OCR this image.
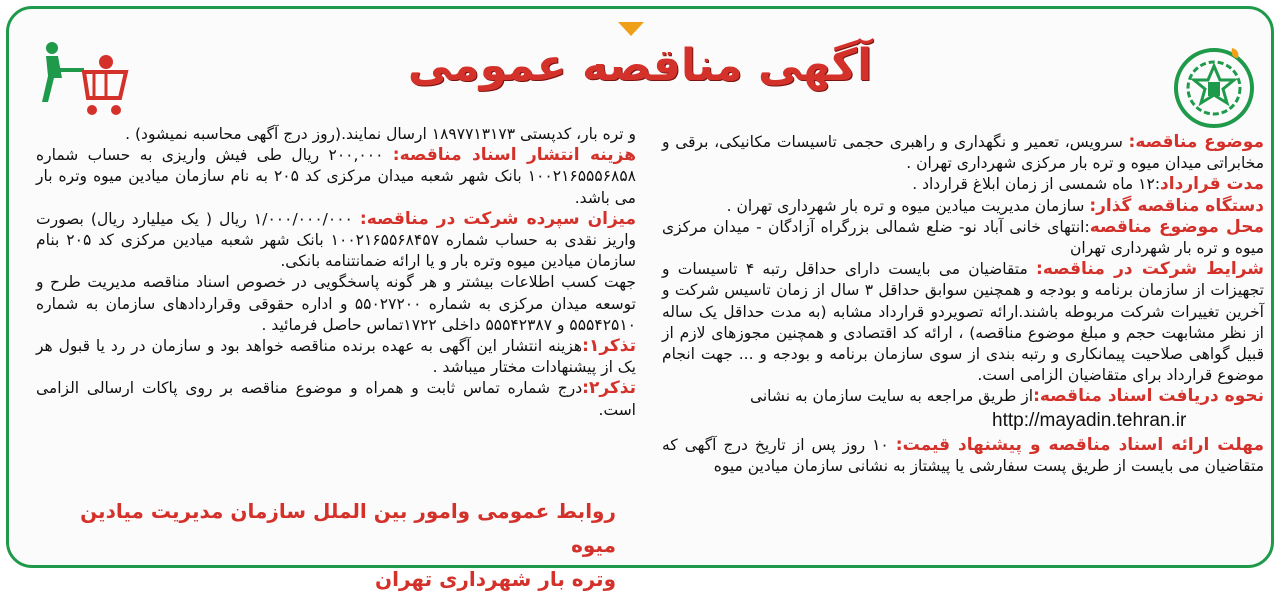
آگهی مناقصه عمومی
موضوع مناقصه: سرویس، تعمیر و نگهداری و راهبری حجمی تاسیسات مکانیکی، برقی و مخابراتی میدان میوه و تره بار مرکزی شهرداری تهران .
مدت قرارداد:۱۲ ماه شمسی از زمان ابلاغ قرارداد .
دستگاه مناقصه گذار: سازمان مدیریت میادین میوه و تره بار شهرداری تهران .
محل موضوع مناقصه:انتهای خانی آباد نو- ضلع شمالی بزرگراه آزادگان - میدان مرکزی میوه و تره بار شهرداری تهران
شرایط شرکت در مناقصه: متقاضیان می بایست دارای حداقل رتبه ۴ تاسیسات و تجهیزات از سازمان برنامه و بودجه و همچنین سوابق حداقل ۳ سال از زمان تاسیس شرکت و آخرین تغییرات شرکت مربوطه باشند.ارائه تصویردو قرارداد مشابه (به مدت حداقل یک ساله از نظر مشابهت حجم و مبلغ موضوع مناقصه) ، ارائه کد اقتصادی و همچنین مجوزهای لازم از قبیل گواهی صلاحیت پیمانکاری و رتبه بندی از سوی سازمان برنامه و بودجه و ... جهت انجام موضوع قرارداد برای متقاضیان الزامی است.
نحوه دریافت اسناد مناقصه:از طریق مراجعه به سایت سازمان به نشانی
http://mayadin.tehran.ir
مهلت ارائه اسناد مناقصه و پیشنهاد قیمت: ۱۰ روز پس از تاریخ درج آگهی که متقاضیان می بایست از طریق پست سفارشی یا پیشتاز به نشانی سازمان میادین میوه
و تره بار، کدپستی ۱۸۹۷۷۱۳۱۷۳ ارسال نمایند.(روز درج آگهی محاسبه نمیشود) .
هزینه انتشار اسناد مناقصه: ۲۰۰,۰۰۰ ریال طی فیش واریزی به حساب شماره ۱۰۰۲۱۶۵۵۵۶۸۵۸ بانک شهر شعبه میدان مرکزی کد ۲۰۵ به نام سازمان میادین میوه وتره بار می باشد.
میزان سپرده شرکت در مناقصه: ۱/۰۰۰/۰۰۰/۰۰۰ ریال ( یک میلیارد ریال) بصورت واریز نقدی به حساب شماره ۱۰۰۲۱۶۵۵۶۸۴۵۷ بانک شهر شعبه میادین مرکزی کد ۲۰۵ بنام سازمان میادین میوه وتره بار و یا ارائه ضمانتنامه بانکی.
جهت کسب اطلاعات بیشتر و هر گونه پاسخگویی در خصوص اسناد مناقصه مدیریت طرح و توسعه میدان مرکزی به شماره ۵۵۰۲۷۲۰۰ و اداره حقوقی وقراردادهای سازمان به شماره ۵۵۵۴۲۵۱۰ و ۵۵۵۴۲۳۸۷ داخلی ۱۷۲۲تماس حاصل فرمائید .
تذکر۱:هزینه انتشار این آگهی به عهده برنده مناقصه خواهد بود و سازمان در رد یا قبول هر یک از پیشنهادات مختار میباشد .
تذکر۲:درج شماره تماس ثابت و همراه و موضوع مناقصه بر روی پاکات ارسالی الزامی است.
روابط عمومی وامور بین الملل سازمان مدیریت میادین میوه
وتره بار شهرداری تهران
